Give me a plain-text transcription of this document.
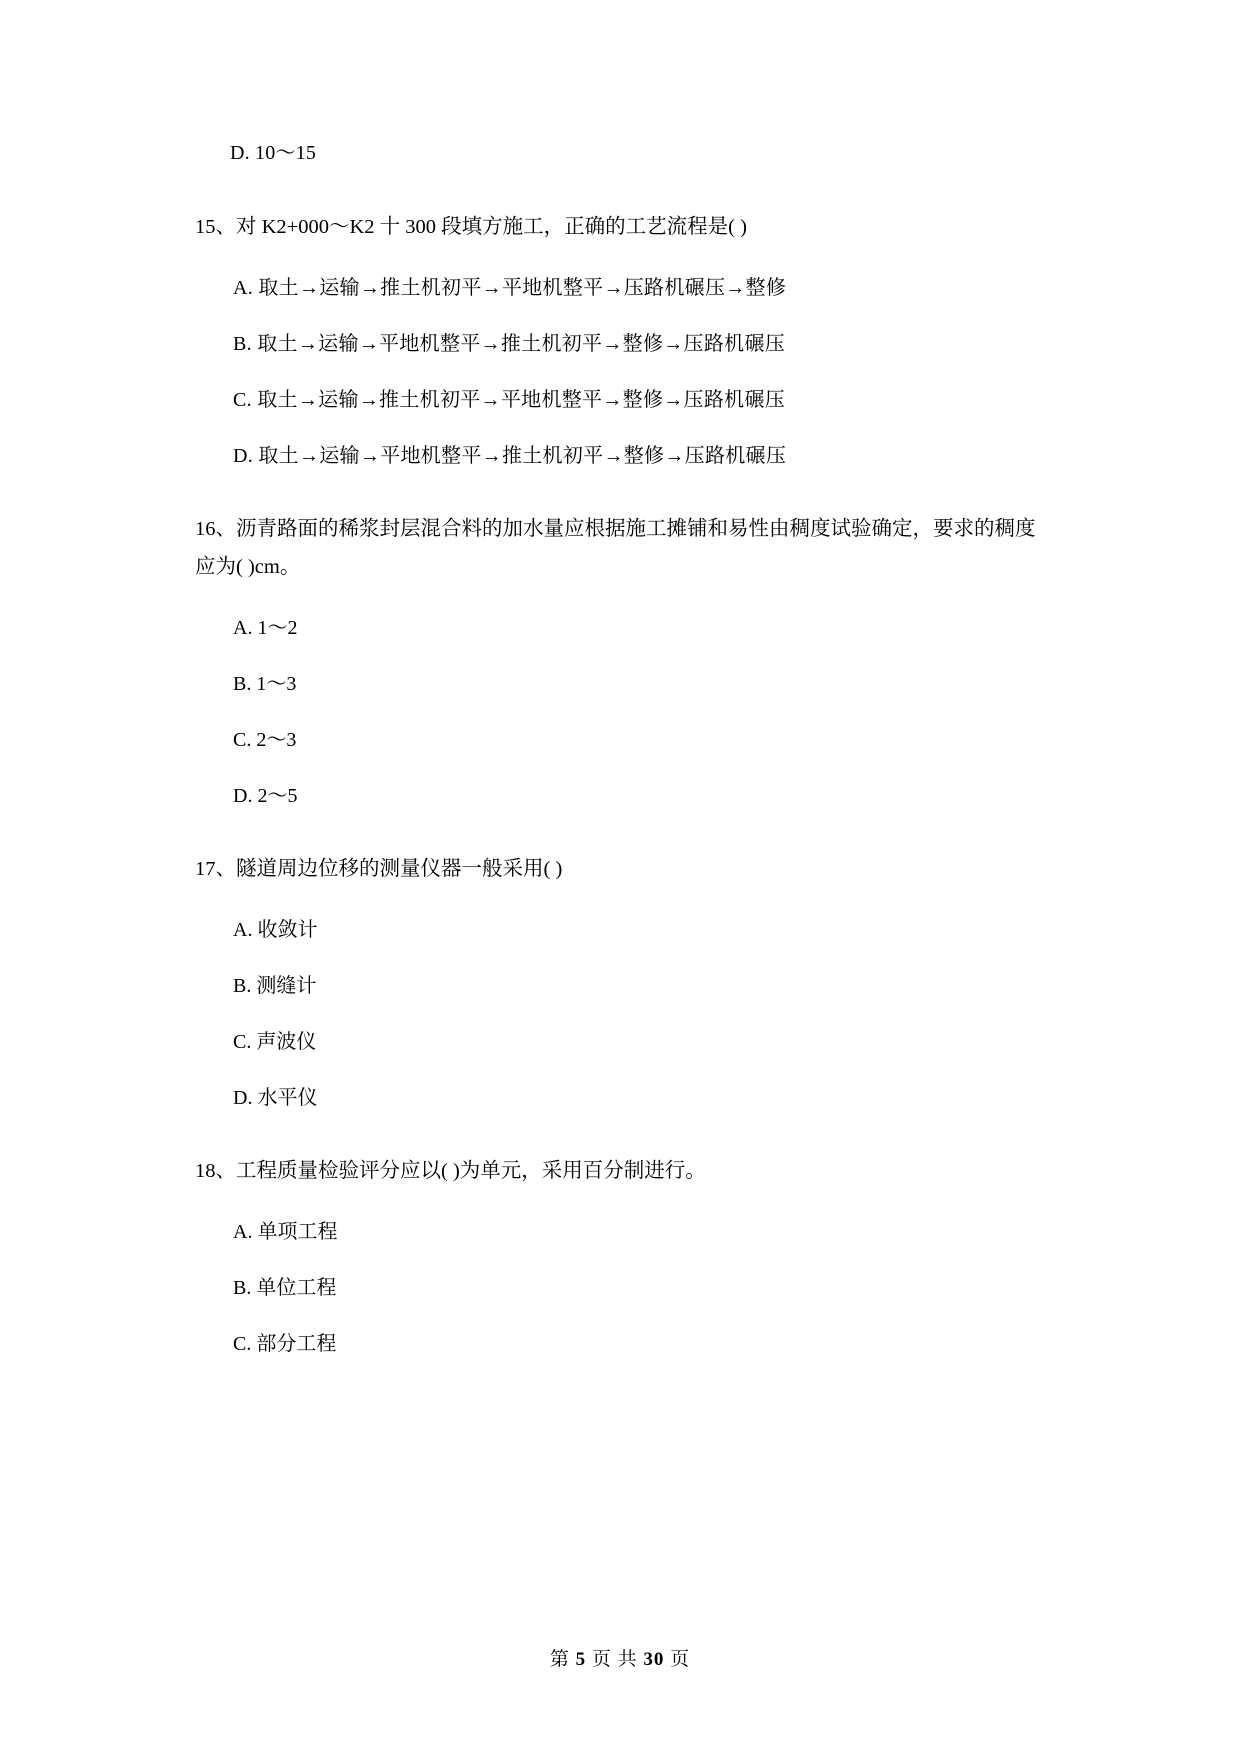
D. 10～15

15、对 K2+000～K2 十 300 段填方施工，正确的工艺流程是( )

A. 取土→运输→推土机初平→平地机整平→压路机碾压→整修
B. 取土→运输→平地机整平→推土机初平→整修→压路机碾压
C. 取土→运输→推土机初平→平地机整平→整修→压路机碾压
D. 取土→运输→平地机整平→推土机初平→整修→压路机碾压

16、沥青路面的稀浆封层混合料的加水量应根据施工摊铺和易性由稠度试验确定，要求的稠度应为( )cm。

A. 1～2
B. 1～3
C. 2～3
D. 2～5

17、隧道周边位移的测量仪器一般采用( )

A. 收敛计
B. 测缝计
C. 声波仪
D. 水平仪

18、工程质量检验评分应以( )为单元，采用百分制进行。

A. 单项工程
B. 单位工程
C. 部分工程
第 5 页 共 30 页
